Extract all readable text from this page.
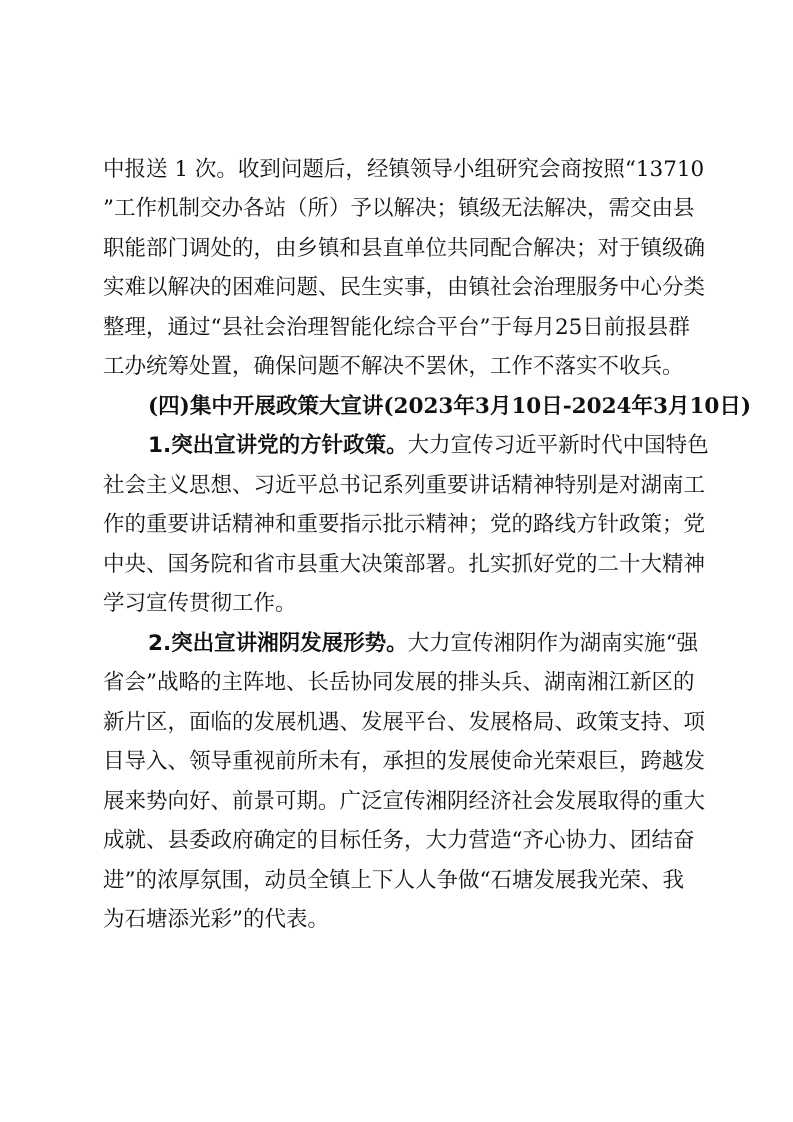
中报送 1 次。收到问题后，经镇领导小组研究会商按照“13710
”工作机制交办各站（所）予以解决；镇级无法解决，需交由县
职能部门调处的，由乡镇和县直单位共同配合解决；对于镇级确
实难以解决的困难问题、民生实事，由镇社会治理服务中心分类
整理，通过“县社会治理智能化综合平台”于每月25日前报县群
工办统筹处置，确保问题不解决不罢休，工作不落实不收兵。
(四)集中开展政策大宣讲(2023年3月10日-2024年3月10日)
1.突出宣讲党的方针政策。大力宣传习近平新时代中国特色
社会主义思想、习近平总书记系列重要讲话精神特别是对湖南工
作的重要讲话精神和重要指示批示精神；党的路线方针政策；党
中央、国务院和省市县重大决策部署。扎实抓好党的二十大精神
学习宣传贯彻工作。
2.突出宣讲湘阴发展形势。大力宣传湘阴作为湖南实施“强
省会”战略的主阵地、长岳协同发展的排头兵、湖南湘江新区的
新片区，面临的发展机遇、发展平台、发展格局、政策支持、项
目导入、领导重视前所未有，承担的发展使命光荣艰巨，跨越发
展来势向好、前景可期。广泛宣传湘阴经济社会发展取得的重大
成就、县委政府确定的目标任务，大力营造“齐心协力、团结奋
进”的浓厚氛围，动员全镇上下人人争做“石塘发展我光荣、我
为石塘添光彩”的代表。
